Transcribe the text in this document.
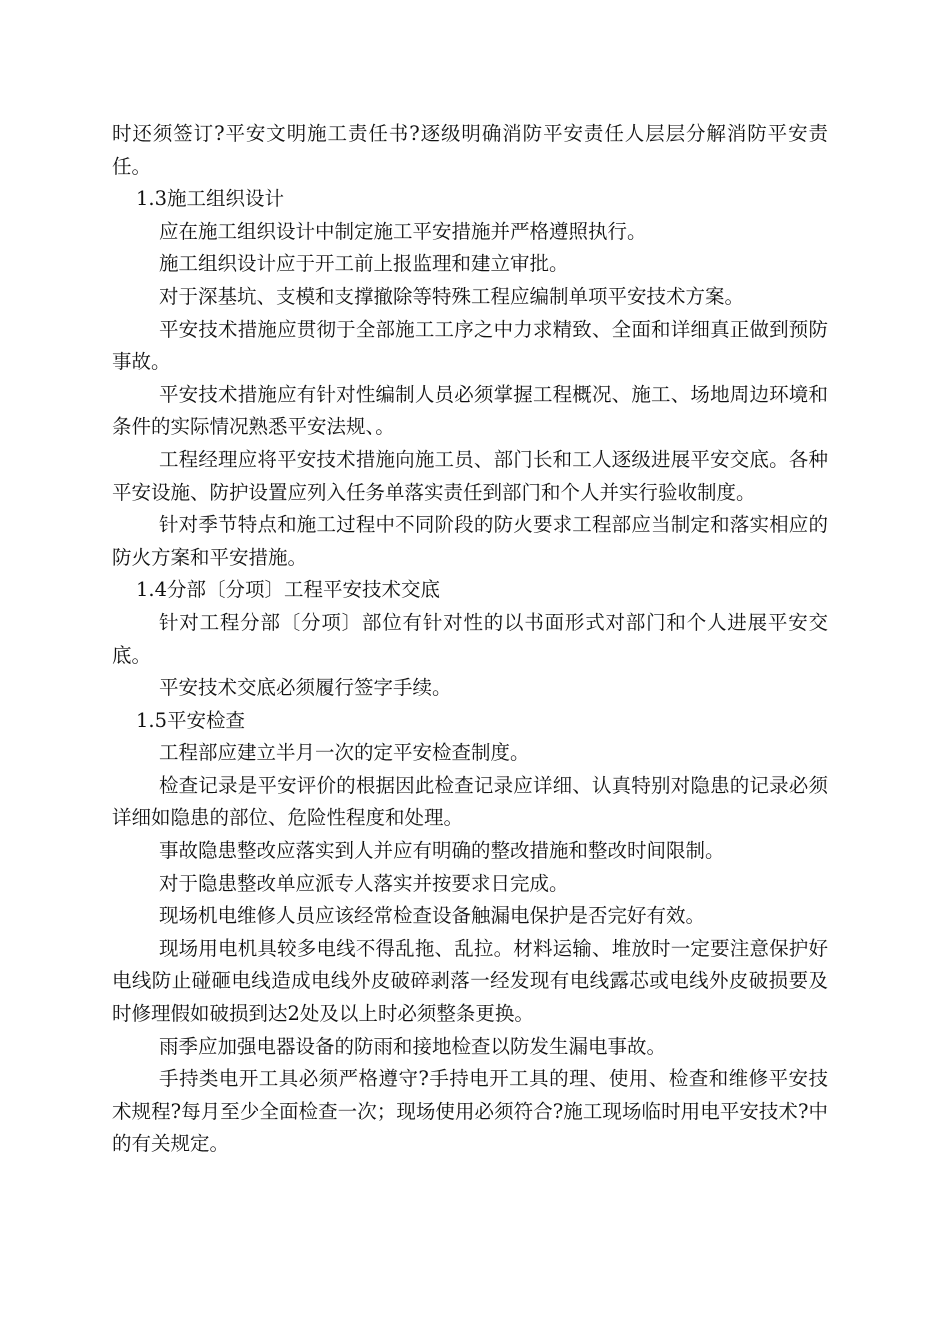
时还须签订?平安文明施工责任书?逐级明确消防平安责任人层层分解消防平安责任。

1.3施工组织设计

应在施工组织设计中制定施工平安措施并严格遵照执行。

施工组织设计应于开工前上报监理和建立审批。

对于深基坑、支模和支撑撤除等特殊工程应编制单项平安技术方案。

平安技术措施应贯彻于全部施工工序之中力求精致、全面和详细真正做到预防事故。

平安技术措施应有针对性编制人员必须掌握工程概况、施工、场地周边环境和条件的实际情况熟悉平安法规、。

工程经理应将平安技术措施向施工员、部门长和工人逐级进展平安交底。各种平安设施、防护设置应列入任务单落实责任到部门和个人并实行验收制度。

针对季节特点和施工过程中不同阶段的防火要求工程部应当制定和落实相应的防火方案和平安措施。

1.4分部〔分项〕工程平安技术交底

针对工程分部〔分项〕部位有针对性的以书面形式对部门和个人进展平安交底。

平安技术交底必须履行签字手续。

1.5平安检查

工程部应建立半月一次的定平安检查制度。

检查记录是平安评价的根据因此检查记录应详细、认真特别对隐患的记录必须详细如隐患的部位、危险性程度和处理。

事故隐患整改应落实到人并应有明确的整改措施和整改时间限制。

对于隐患整改单应派专人落实并按要求日完成。

现场机电维修人员应该经常检查设备触漏电保护是否完好有效。

现场用电机具较多电线不得乱拖、乱拉。材料运输、堆放时一定要注意保护好电线防止碰砸电线造成电线外皮破碎剥落一经发现有电线露芯或电线外皮破损要及时修理假如破损到达2处及以上时必须整条更换。

雨季应加强电器设备的防雨和接地检查以防发生漏电事故。

手持类电开工具必须严格遵守?手持电开工具的理、使用、检查和维修平安技术规程?每月至少全面检查一次；现场使用必须符合?施工现场临时用电平安技术?中的有关规定。
